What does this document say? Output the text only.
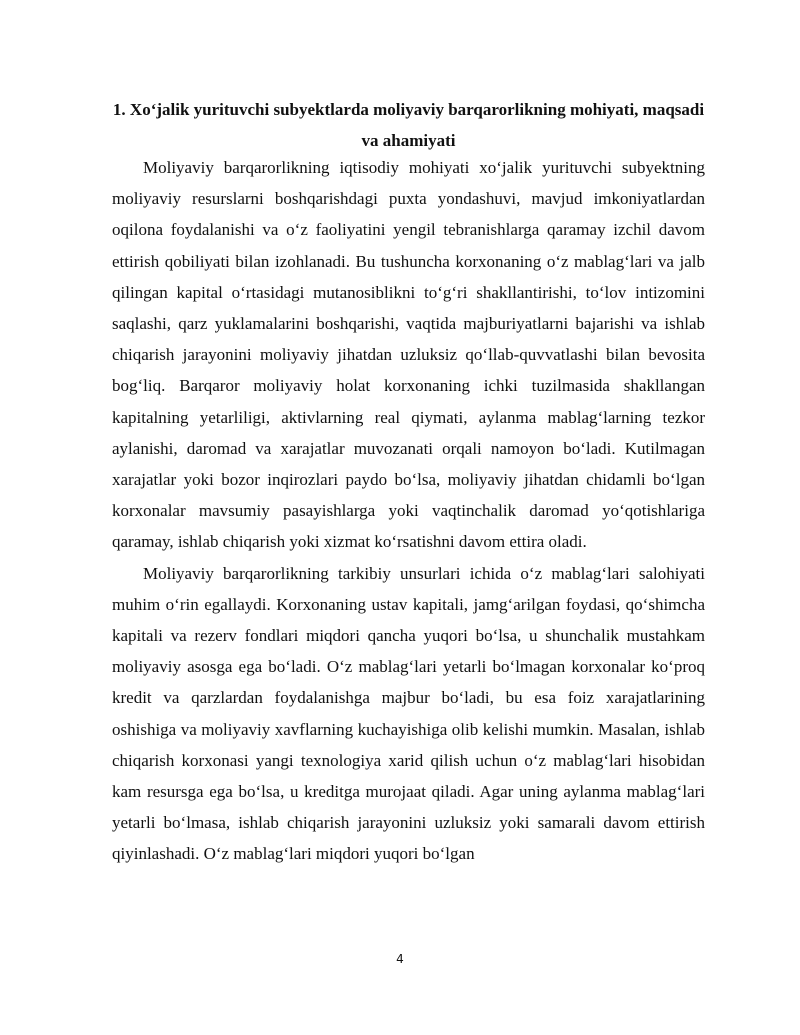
1. Xo‘jalik yurituvchi subyektlarda moliyaviy barqarorlikning mohiyati, maqsadi va ahamiyati

Moliyaviy barqarorlikning iqtisodiy mohiyati xo‘jalik yurituvchi subyektning moliyaviy resurslarni boshqarishdagi puxta yondashuvi, mavjud imkoniyatlardan oqilona foydalanishi va o‘z faoliyatini yengil tebranishlarga qaramay izchil davom ettirish qobiliyati bilan izohlanadi. Bu tushuncha korxonaning o‘z mablag‘lari va jalb qilingan kapital o‘rtasidagi mutanosiblikni to‘g‘ri shakllantirishi, to‘lov intizomini saqlashi, qarz yuklamalarini boshqarishi, vaqtida majburiyatlarni bajarishi va ishlab chiqarish jarayonini moliyaviy jihatdan uzluksiz qo‘llab-quvvatlashi bilan bevosita bog‘liq. Barqaror moliyaviy holat korxonaning ichki tuzilmasida shakllangan kapitalning yetarliligi, aktivlarning real qiymati, aylanma mablag‘larning tezkor aylanishi, daromad va xarajatlar muvozanati orqali namoyon bo‘ladi. Kutilmagan xarajatlar yoki bozor inqirozlari paydo bo‘lsa, moliyaviy jihatdan chidamli bo‘lgan korxonalar mavsumiy pasayishlarga yoki vaqtinchalik daromad yo‘qotishlariga qaramay, ishlab chiqarish yoki xizmat ko‘rsatishni davom ettira oladi.

Moliyaviy barqarorlikning tarkibiy unsurlari ichida o‘z mablag‘lari salohiyati muhim o‘rin egallaydi. Korxonaning ustav kapitali, jamg‘arilgan foydasi, qo‘shimcha kapitali va rezerv fondlari miqdori qancha yuqori bo‘lsa, u shunchalik mustahkam moliyaviy asosga ega bo‘ladi. O‘z mablag‘lari yetarli bo‘lmagan korxonalar ko‘proq kredit va qarzlardan foydalanishga majbur bo‘ladi, bu esa foiz xarajatlarining oshishiga va moliyaviy xavflarning kuchayishiga olib kelishi mumkin. Masalan, ishlab chiqarish korxonasi yangi texnologiya xarid qilish uchun o‘z mablag‘lari hisobidan kam resursga ega bo‘lsa, u kreditga murojaat qiladi. Agar uning aylanma mablag‘lari yetarli bo‘lmasa, ishlab chiqarish jarayonini uzluksiz yoki samarali davom ettirish qiyinlashadi. O‘z mablag‘lari miqdori yuqori bo‘lgan

4
